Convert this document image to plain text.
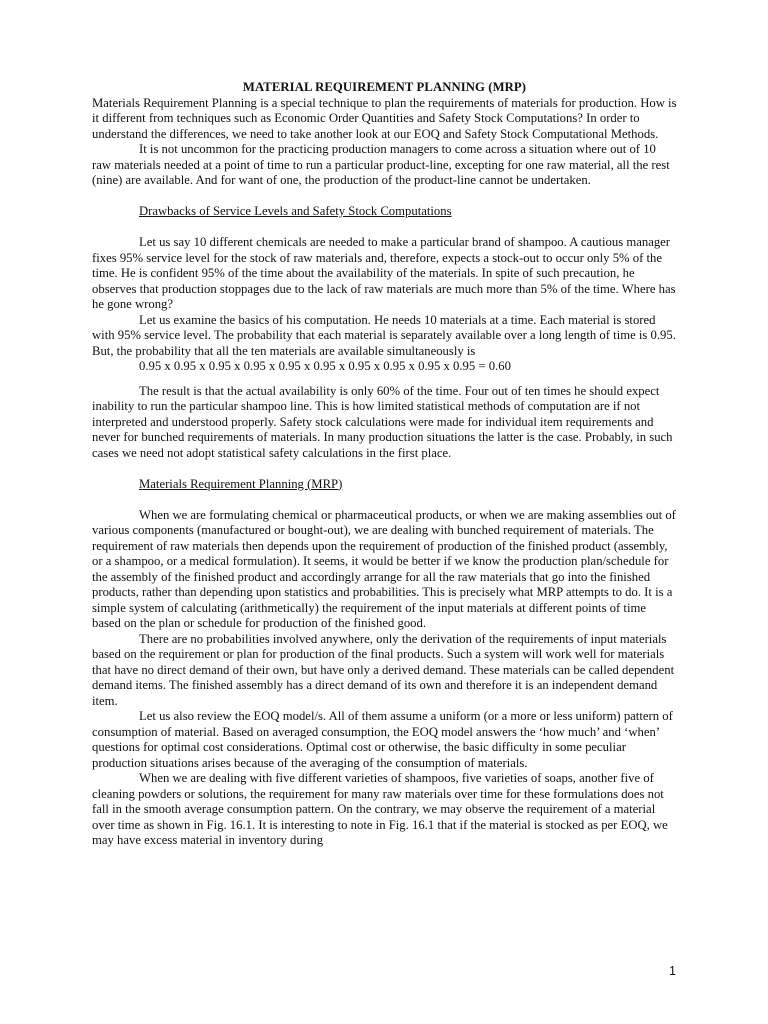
MATERIAL REQUIREMENT PLANNING (MRP)

Materials Requirement Planning is a special technique to plan the requirements of materials for production. How is it different from techniques such as Economic Order Quantities and Safety Stock Computations? In order to understand the differences, we need to take another look at our EOQ and Safety Stock Computational Methods.

It is not uncommon for the practicing production managers to come across a situation where out of 10 raw materials needed at a point of time to run a particular product-line, excepting for one raw material, all the rest (nine) are available. And for want of one, the production of the product-line cannot be undertaken.

Drawbacks of Service Levels and Safety Stock Computations

Let us say 10 different chemicals are needed to make a particular brand of shampoo. A cautious manager fixes 95% service level for the stock of raw materials and, therefore, expects a stock-out to occur only 5% of the time. He is confident 95% of the time about the availability of the materials. In spite of such precaution, he observes that production stoppages due to the lack of raw materials are much more than 5% of the time. Where has he gone wrong?

Let us examine the basics of his computation. He needs 10 materials at a time. Each material is stored with 95% service level. The probability that each material is separately available over a long length of time is 0.95. But, the probability that all the ten materials are available simultaneously is

0.95 x 0.95 x 0.95 x 0.95 x 0.95 x 0.95 x 0.95 x 0.95 x 0.95 x 0.95 = 0.60

The result is that the actual availability is only 60% of the time. Four out of ten times he should expect inability to run the particular shampoo line. This is how limited statistical methods of computation are if not interpreted and understood properly. Safety stock calculations were made for individual item requirements and never for bunched requirements of materials. In many production situations the latter is the case. Probably, in such cases we need not adopt statistical safety calculations in the first place.

Materials Requirement Planning (MRP)

When we are formulating chemical or pharmaceutical products, or when we are making assemblies out of various components (manufactured or bought-out), we are dealing with bunched requirement of materials. The requirement of raw materials then depends upon the requirement of production of the finished product (assembly, or a shampoo, or a medical formulation). It seems, it would be better if we know the production plan/schedule for the assembly of the finished product and accordingly arrange for all the raw materials that go into the finished products, rather than depending upon statistics and probabilities. This is precisely what MRP attempts to do. It is a simple system of calculating (arithmetically) the requirement of the input materials at different points of time based on the plan or schedule for production of the finished good.

There are no probabilities involved anywhere, only the derivation of the requirements of input materials based on the requirement or plan for production of the final products. Such a system will work well for materials that have no direct demand of their own, but have only a derived demand. These materials can be called dependent demand items. The finished assembly has a direct demand of its own and therefore it is an independent demand item.

Let us also review the EOQ model/s. All of them assume a uniform (or a more or less uniform) pattern of consumption of material. Based on averaged consumption, the EOQ model answers the ‘how much’ and ‘when’ questions for optimal cost considerations. Optimal cost or otherwise, the basic difficulty in some peculiar production situations arises because of the averaging of the consumption of materials.

When we are dealing with five different varieties of shampoos, five varieties of soaps, another five of cleaning powders or solutions, the requirement for many raw materials over time for these formulations does not fall in the smooth average consumption pattern. On the contrary, we may observe the requirement of a material over time as shown in Fig. 16.1. It is interesting to note in Fig. 16.1 that if the material is stocked as per EOQ, we may have excess material in inventory during

1
